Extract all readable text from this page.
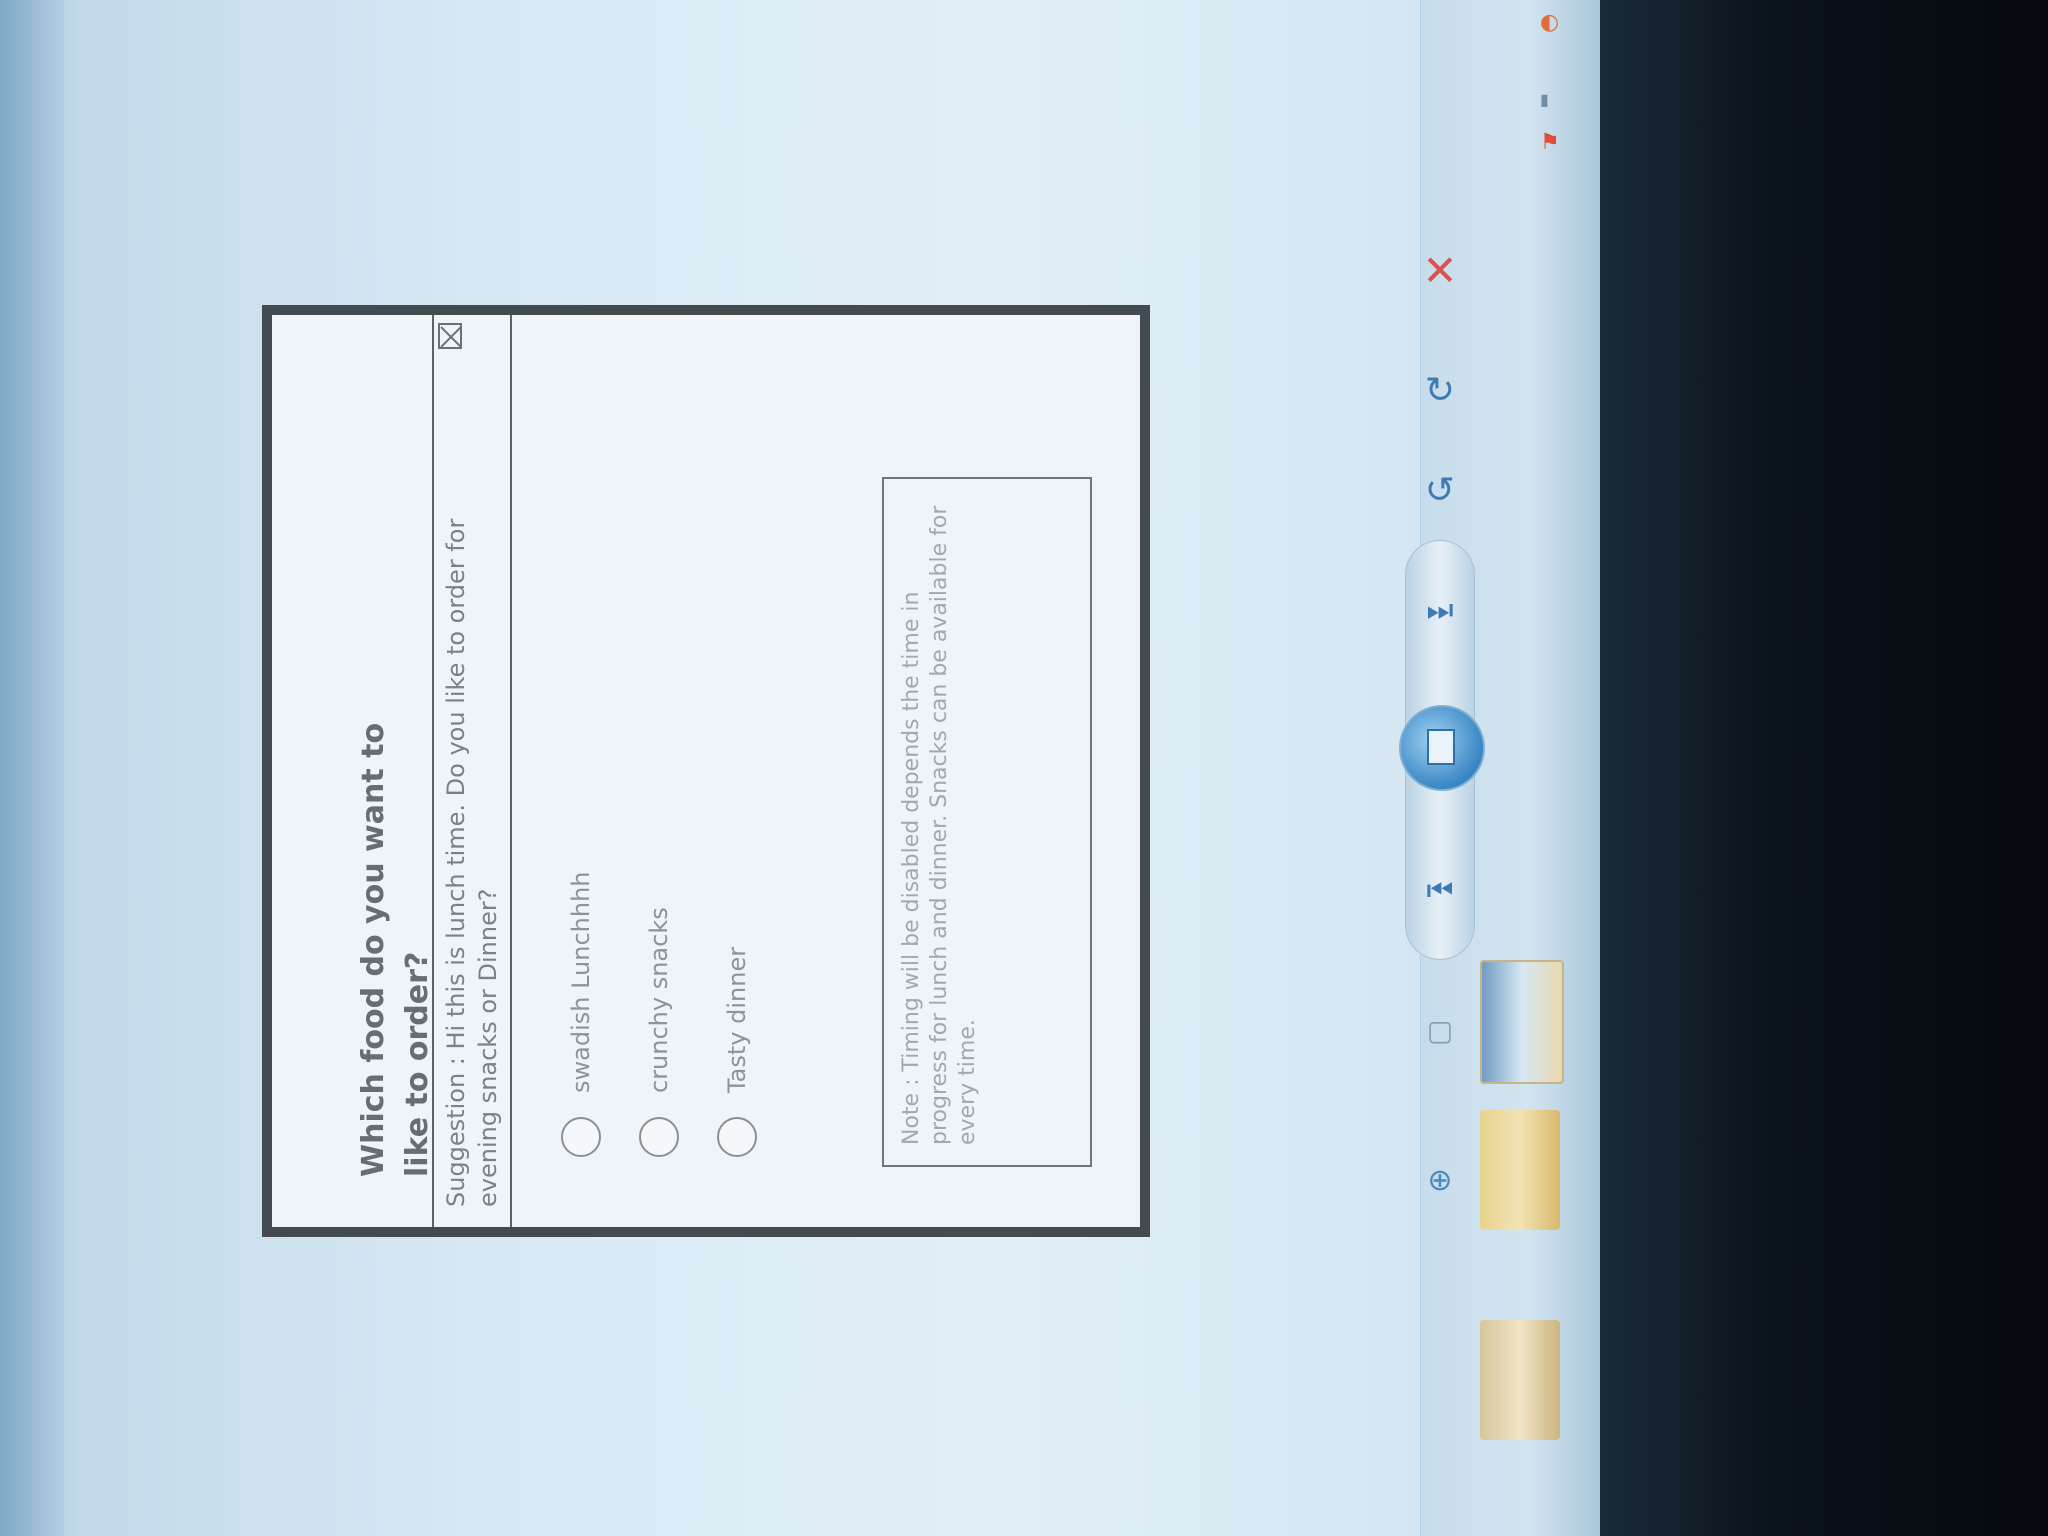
Which food do you want to like to order? Suggestion : Hi this is lunch time. Do you like to order for evening snacks or Dinner?	swadish Lunchhhh crunchy snacks Tasty dinner	Note : Timing will be disabled depends the time in progress for lunch and dinner. Snacks can be available for every time.
✕
↻
↺
⏭
⏮
▢
⊕
⚑
▮
◐
